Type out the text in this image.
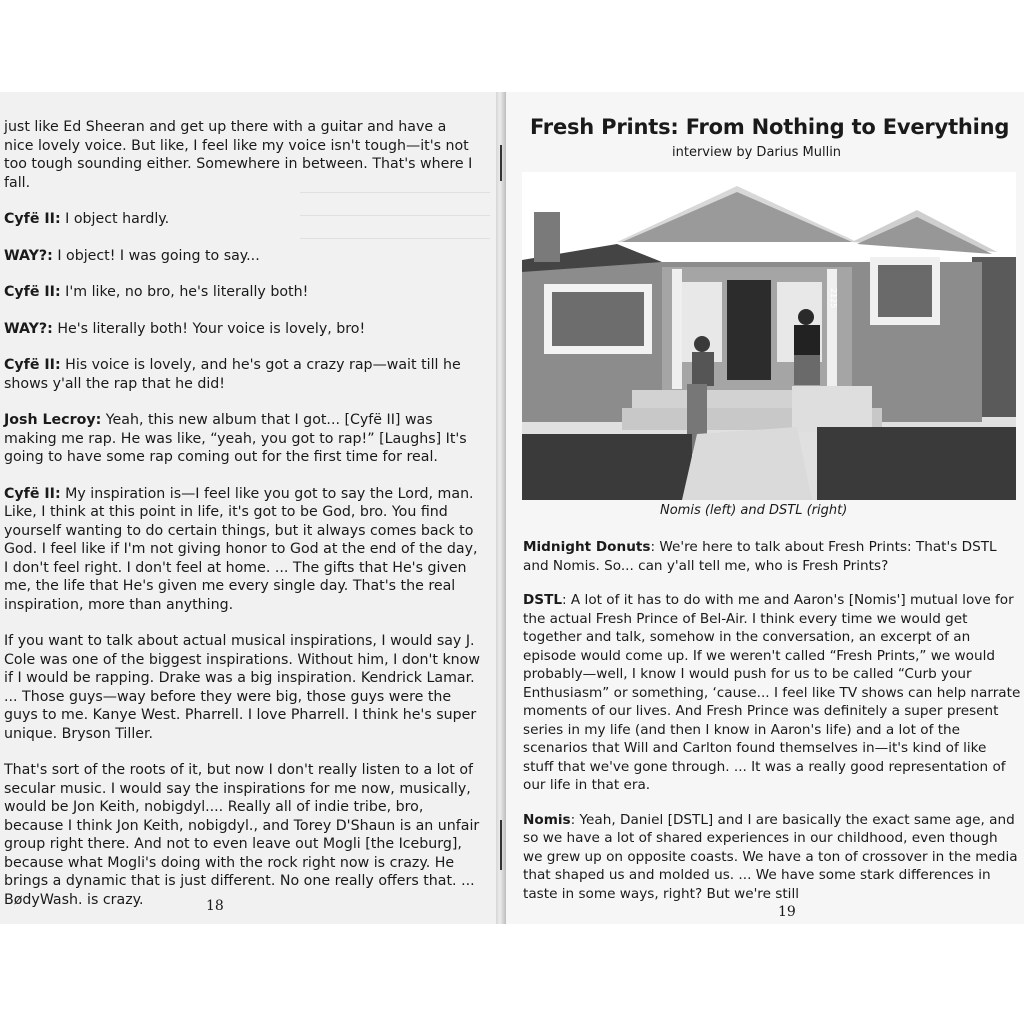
just like Ed Sheeran and get up there with a guitar and have a nice lovely voice. But like, I feel like my voice isn't tough—it's not too tough sounding either. Somewhere in between. That's where I fall.

Cyfë II: I object hardly.

WAY?: I object! I was going to say...

Cyfë II: I'm like, no bro, he's literally both!

WAY?: He's literally both! Your voice is lovely, bro!

Cyfë II: His voice is lovely, and he's got a crazy rap—wait till he shows y'all the rap that he did!

Josh Lecroy: Yeah, this new album that I got... [Cyfë II] was making me rap. He was like, “yeah, you got to rap!” [Laughs] It's going to have some rap coming out for the first time for real.

Cyfë II: My inspiration is—I feel like you got to say the Lord, man. Like, I think at this point in life, it's got to be God, bro. You find yourself wanting to do certain things, but it always comes back to God. I feel like if I'm not giving honor to God at the end of the day, I don't feel right. I don't feel at home. ... The gifts that He's given me, the life that He's given me every single day. That's the real inspiration, more than anything.

If you want to talk about actual musical inspirations, I would say J. Cole was one of the biggest inspirations. Without him, I don't know if I would be rapping. Drake was a big inspiration. Kendrick Lamar. ... Those guys—way before they were big, those guys were the guys to me. Kanye West. Pharrell. I love Pharrell. I think he's super unique. Bryson Tiller.

That's sort of the roots of it, but now I don't really listen to a lot of secular music. I would say the inspirations for me now, musically, would be Jon Keith, nobigdyl.... Really all of indie tribe, bro, because I think Jon Keith, nobigdyl., and Torey D'Shaun is an unfair group right there. And not to even leave out Mogli [the Iceburg], because what Mogli's doing with the rock right now is crazy. He brings a dynamic that is just different. No one really offers that. ... BødyWash. is crazy.	18
Fresh Prints: From Nothing to Everything
interview by Darius Mullin
2125
Nomis (left) and DSTL (right)

Midnight Donuts: We're here to talk about Fresh Prints: That's DSTL and Nomis. So... can y'all tell me, who is Fresh Prints?

DSTL: A lot of it has to do with me and Aaron's [Nomis'] mutual love for the actual Fresh Prince of Bel-Air. I think every time we would get together and talk, somehow in the conversation, an excerpt of an episode would come up. If we weren't called “Fresh Prints,” we would probably—well, I know I would push for us to be called “Curb your Enthusiasm” or something, ‘cause... I feel like TV shows can help narrate moments of our lives. And Fresh Prince was definitely a super present series in my life (and then I know in Aaron's life) and a lot of the scenarios that Will and Carlton found themselves in—it's kind of like stuff that we've gone through. ... It was a really good representation of our life in that era.

Nomis: Yeah, Daniel [DSTL] and I are basically the exact same age, and so we have a lot of shared experiences in our childhood, even though we grew up on opposite coasts. We have a ton of crossover in the media that shaped us and molded us. ... We have some stark differences in taste in some ways, right? But we're still

19
